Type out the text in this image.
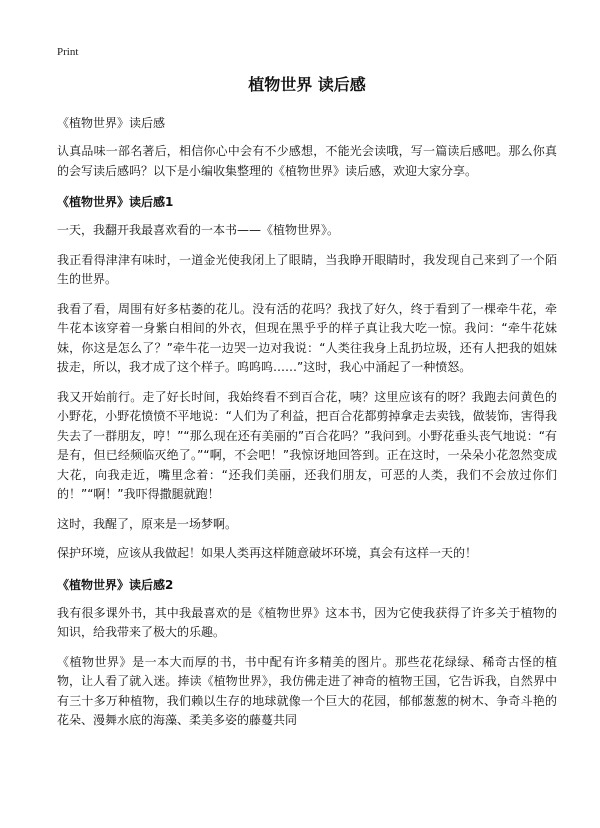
Print
植物世界 读后感
《植物世界》读后感
认真品味一部名著后，相信你心中会有不少感想，不能光会读哦，写一篇读后感吧。那么你真的会写读后感吗？以下是小编收集整理的《植物世界》读后感，欢迎大家分享。
《植物世界》读后感1
一天，我翻开我最喜欢看的一本书——《植物世界》。
我正看得津津有味时，一道金光使我闭上了眼睛，当我睁开眼睛时，我发现自己来到了一个陌生的世界。
我看了看，周围有好多枯萎的花儿。没有活的花吗？我找了好久，终于看到了一棵牵牛花，牵牛花本该穿着一身紫白相间的外衣，但现在黑乎乎的样子真让我大吃一惊。我问：“牵牛花妹妹，你这是怎么了？”牵牛花一边哭一边对我说：“人类往我身上乱扔垃圾，还有人把我的姐妹拔走，所以，我才成了这个样子。呜呜呜……”这时，我心中涌起了一种愤怒。
我又开始前行。走了好长时间，我始终看不到百合花，咦？这里应该有的呀？我跑去问黄色的小野花，小野花愤愤不平地说：“人们为了利益，把百合花都剪掉拿走去卖钱，做装饰，害得我失去了一群朋友，哼！”“那么现在还有美丽的”百合花吗？”我问到。小野花垂头丧气地说：“有是有，但已经频临灭绝了。”“啊，不会吧！”我惊讶地回答到。正在这时，一朵朵小花忽然变成大花，向我走近，嘴里念着：“还我们美丽，还我们朋友，可恶的人类，我们不会放过你们的！”“啊！”我吓得撒腿就跑！
这时，我醒了，原来是一场梦啊。
保护环境，应该从我做起！如果人类再这样随意破坏环境，真会有这样一天的！
《植物世界》读后感2
我有很多课外书，其中我最喜欢的是《植物世界》这本书，因为它使我获得了许多关于植物的知识，给我带来了极大的乐趣。
《植物世界》是一本大而厚的书，书中配有许多精美的图片。那些花花绿绿、稀奇古怪的植物，让人看了就入迷。捧读《植物世界》，我仿佛走进了神奇的植物王国，它告诉我，自然界中有三十多万种植物，我们赖以生存的地球就像一个巨大的花园，郁郁葱葱的树木、争奇斗艳的花朵、漫舞水底的海藻、柔美多姿的藤蔓共同
